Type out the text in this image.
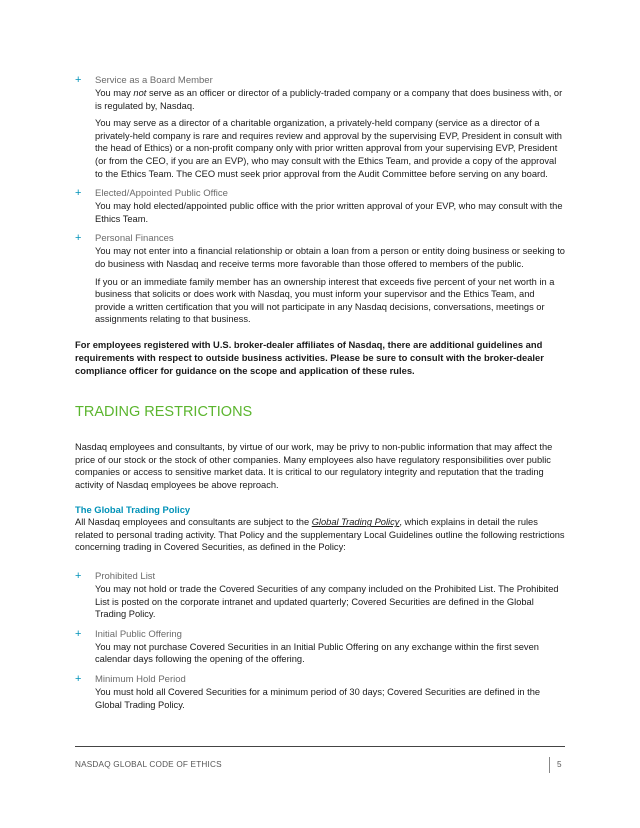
+ Service as a Board Member

You may not serve as an officer or director of a publicly-traded company or a company that does business with, or is regulated by, Nasdaq.

You may serve as a director of a charitable organization, a privately-held company (service as a director of a privately-held company is rare and requires review and approval by the supervising EVP, President in consult with the head of Ethics) or a non-profit company only with prior written approval from your supervising EVP, President (or from the CEO, if you are an EVP), who may consult with the Ethics Team, and provide a copy of the approval to the Ethics Team. The CEO must seek prior approval from the Audit Committee before serving on any board.

+ Elected/Appointed Public Office

You may hold elected/appointed public office with the prior written approval of your EVP, who may consult with the Ethics Team.

+ Personal Finances

You may not enter into a financial relationship or obtain a loan from a person or entity doing business or seeking to do business with Nasdaq and receive terms more favorable than those offered to members of the public.

If you or an immediate family member has an ownership interest that exceeds five percent of your net worth in a business that solicits or does work with Nasdaq, you must inform your supervisor and the Ethics Team, and provide a written certification that you will not participate in any Nasdaq decisions, conversations, meetings or assignments relating to that business.

For employees registered with U.S. broker-dealer affiliates of Nasdaq, there are additional guidelines and requirements with respect to outside business activities. Please be sure to consult with the broker-dealer compliance officer for guidance on the scope and application of these rules.

TRADING RESTRICTIONS

Nasdaq employees and consultants, by virtue of our work, may be privy to non-public information that may affect the price of our stock or the stock of other companies. Many employees also have regulatory responsibilities over public companies or access to sensitive market data. It is critical to our regulatory integrity and reputation that the trading activity of Nasdaq employees be above reproach.

The Global Trading Policy

All Nasdaq employees and consultants are subject to the Global Trading Policy, which explains in detail the rules related to personal trading activity. That Policy and the supplementary Local Guidelines outline the following restrictions concerning trading in Covered Securities, as defined in the Policy:

+ Prohibited List

You may not hold or trade the Covered Securities of any company included on the Prohibited List. The Prohibited List is posted on the corporate intranet and updated quarterly; Covered Securities are defined in the Global Trading Policy.

+ Initial Public Offering

You may not purchase Covered Securities in an Initial Public Offering on any exchange within the first seven calendar days following the opening of the offering.

+ Minimum Hold Period

You must hold all Covered Securities for a minimum period of 30 days; Covered Securities are defined in the Global Trading Policy.

NASDAQ GLOBAL CODE OF ETHICS	5
